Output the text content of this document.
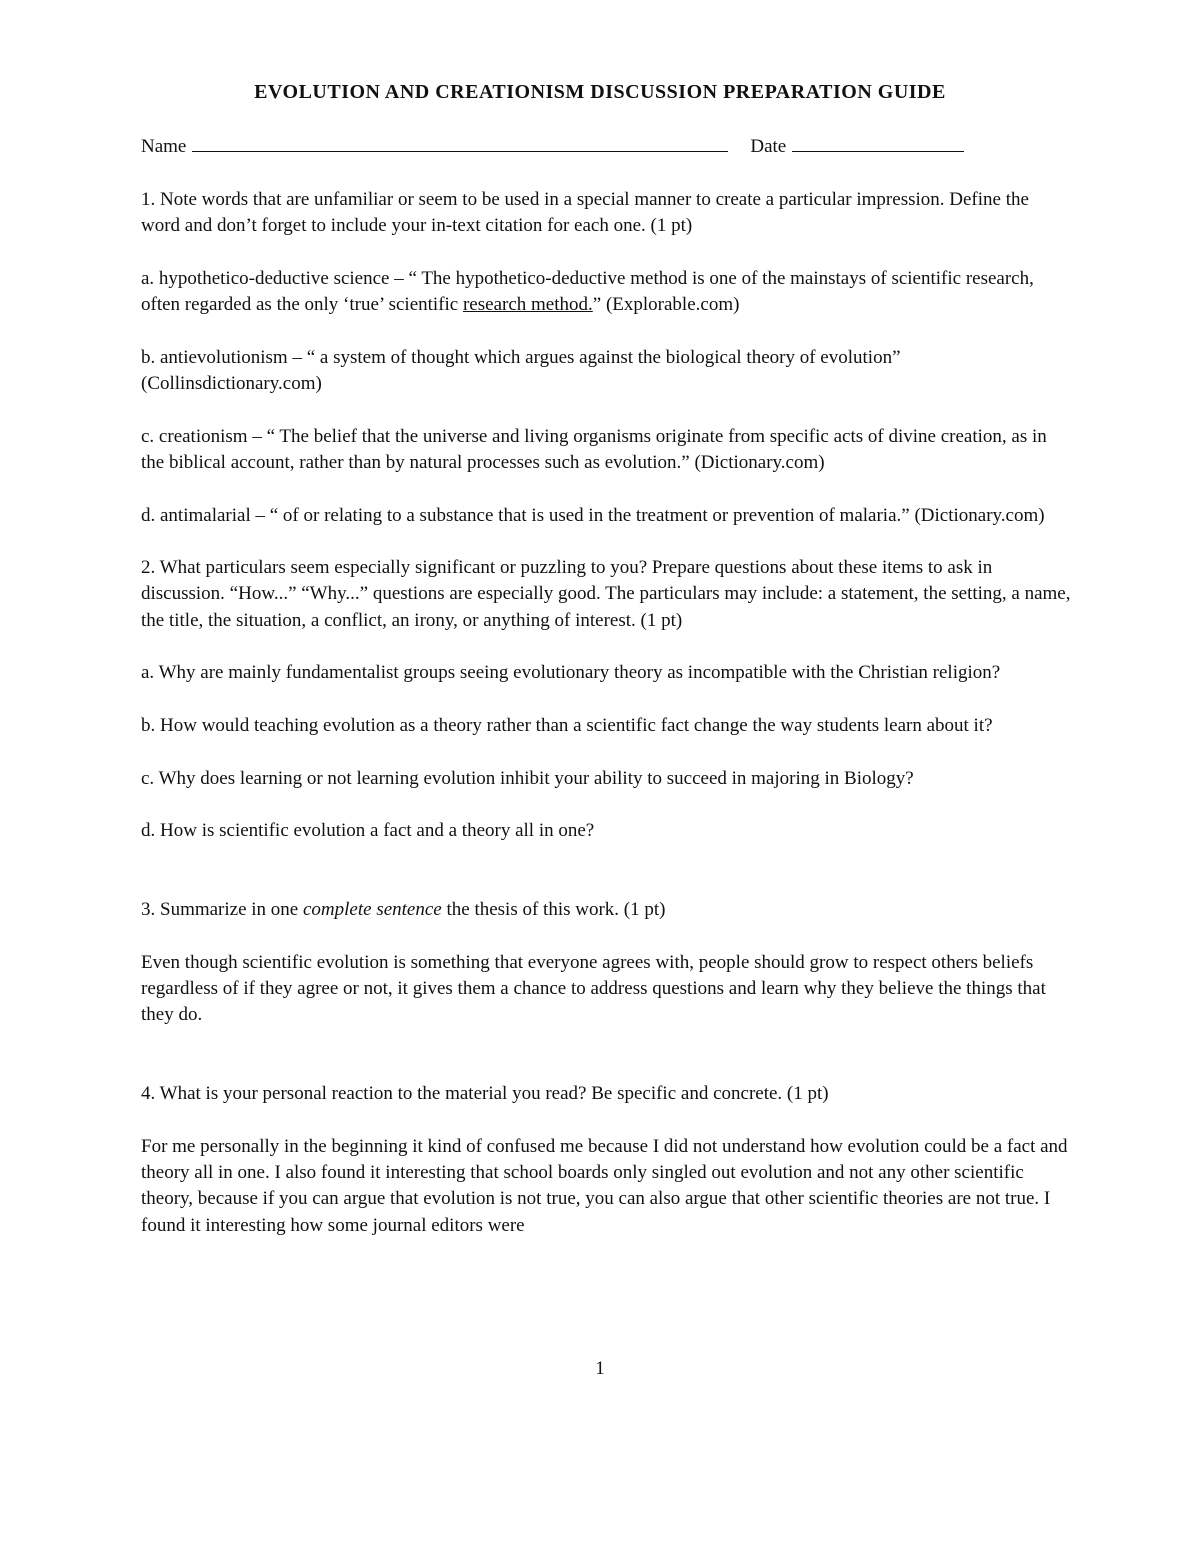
EVOLUTION AND CREATIONISM DISCUSSION PREPARATION GUIDE
Name	Date

1. Note words that are unfamiliar or seem to be used in a special manner to create a particular impression. Define the word and don’t forget to include your in-text citation for each one. (1 pt)

a. hypothetico-deductive science – “ The hypothetico-deductive method is one of the mainstays of scientific research, often regarded as the only ‘true’ scientific research method.” (Explorable.com)

b. antievolutionism – “ a system of thought which argues against the biological theory of evolution” (Collinsdictionary.com)

c. creationism – “ The belief that the universe and living organisms originate from specific acts of divine creation, as in the biblical account, rather than by natural processes such as evolution.” (Dictionary.com)

d. antimalarial – “ of or relating to a substance that is used in the treatment or prevention of malaria.” (Dictionary.com)

2. What particulars seem especially significant or puzzling to you? Prepare questions about these items to ask in discussion. “How...” “Why...” questions are especially good. The particulars may include: a statement, the setting, a name, the title, the situation, a conflict, an irony, or anything of interest. (1 pt)

a. Why are mainly fundamentalist groups seeing evolutionary theory as incompatible with the Christian religion?

b. How would teaching evolution as a theory rather than a scientific fact change the way students learn about it?

c. Why does learning or not learning evolution inhibit your ability to succeed in majoring in Biology?

d. How is scientific evolution a fact and a theory all in one?

3. Summarize in one complete sentence the thesis of this work. (1 pt)

Even though scientific evolution is something that everyone agrees with, people should grow to respect others beliefs regardless of if they agree or not, it gives them a chance to address questions and learn why they believe the things that they do.

4. What is your personal reaction to the material you read? Be specific and concrete. (1 pt)

For me personally in the beginning it kind of confused me because I did not understand how evolution could be a fact and theory all in one. I also found it interesting that school boards only singled out evolution and not any other scientific theory, because if you can argue that evolution is not true, you can also argue that other scientific theories are not true. I found it interesting how some journal editors were

1
